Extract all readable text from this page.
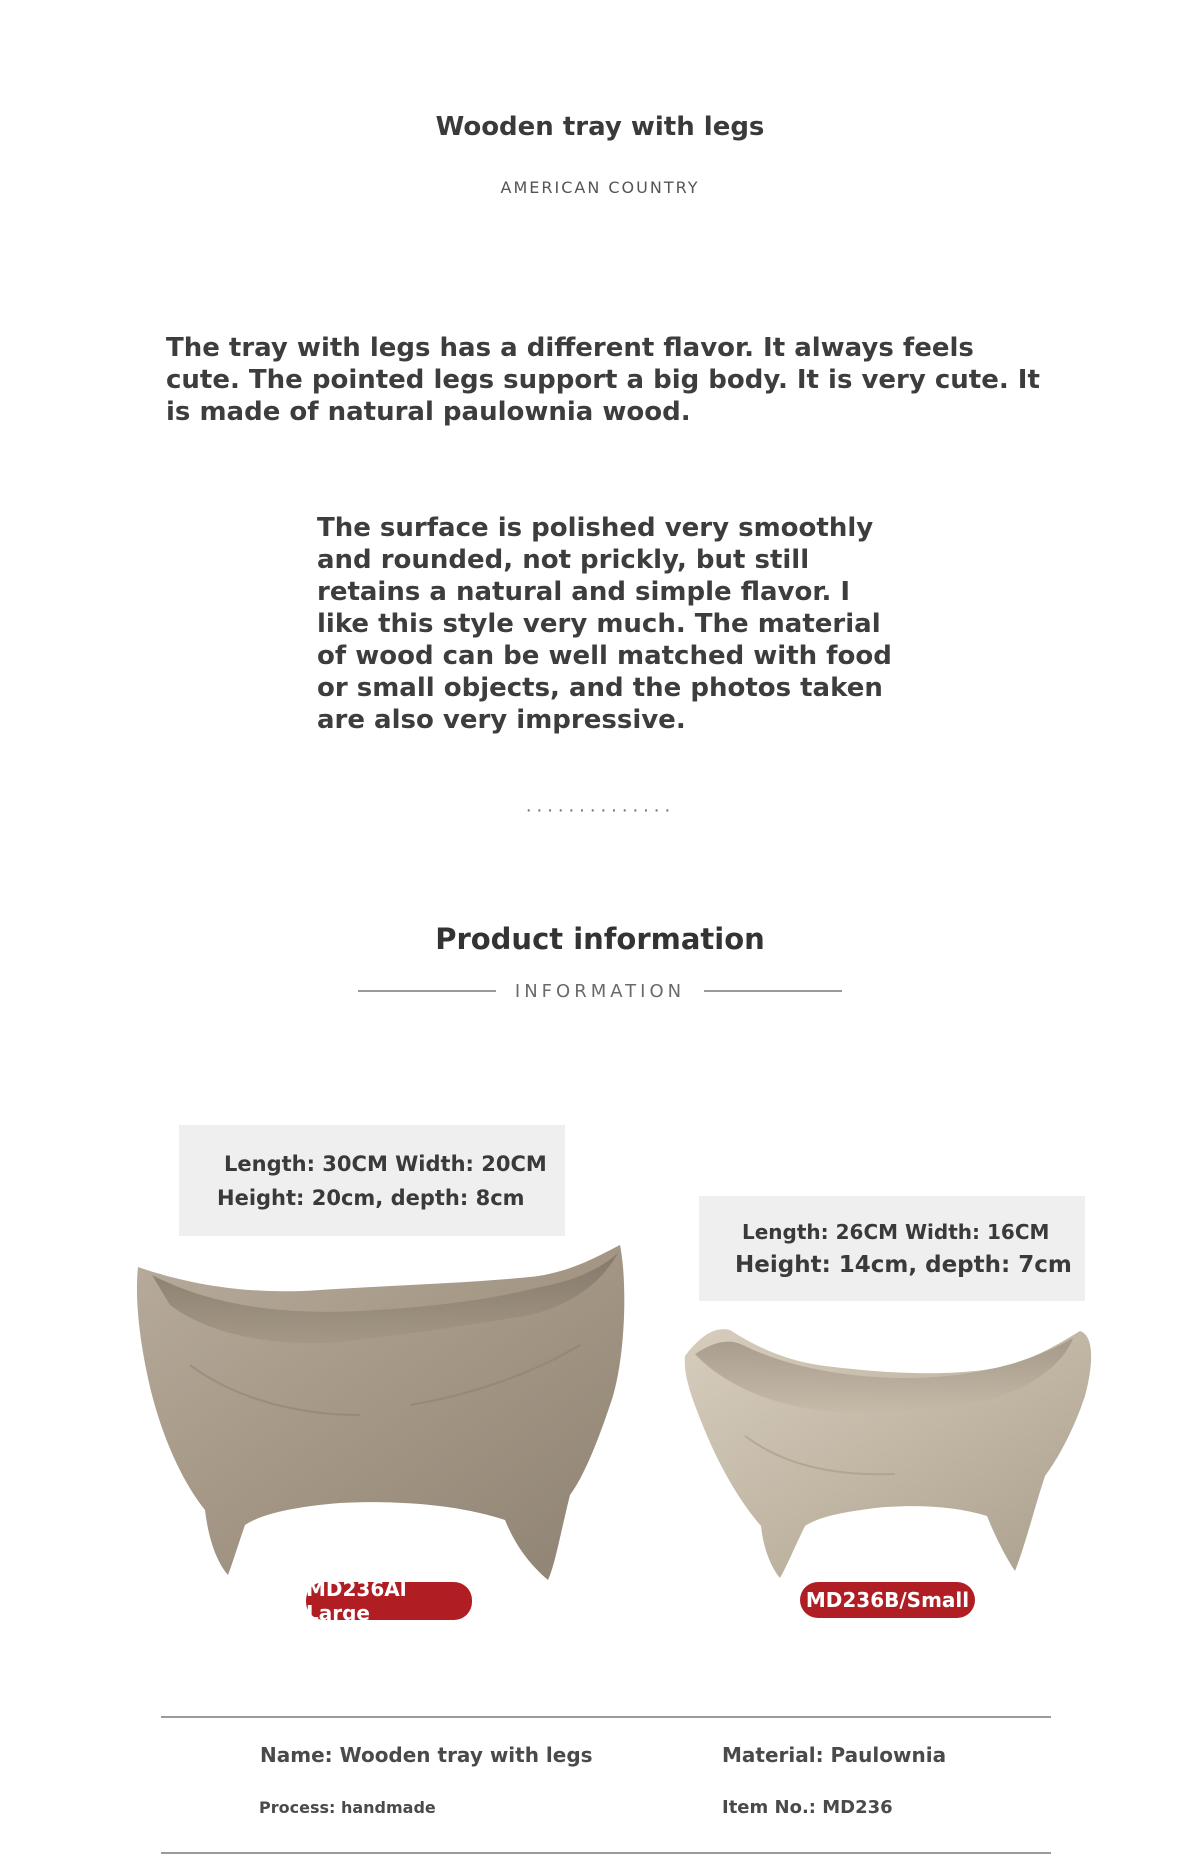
Wooden tray with legs
AMERICAN COUNTRY
The tray with legs has a different flavor. It always feels cute. The pointed legs support a big body. It is very cute. It is made of natural paulownia wood.
The surface is polished very smoothly and rounded, not prickly, but still retains a natural and simple flavor. I like this style very much. The material of wood can be well matched with food or small objects, and the photos taken are also very impressive.
··············
Product information
INFORMATION
Length: 30CM Width: 20CM
Height: 20cm, depth: 8cm
MD236Al Large
Length: 26CM Width: 16CM
Height: 14cm, depth: 7cm
MD236B/Small
Name: Wooden tray with legs	Material: Paulownia
Process: handmade	Item No.: MD236
